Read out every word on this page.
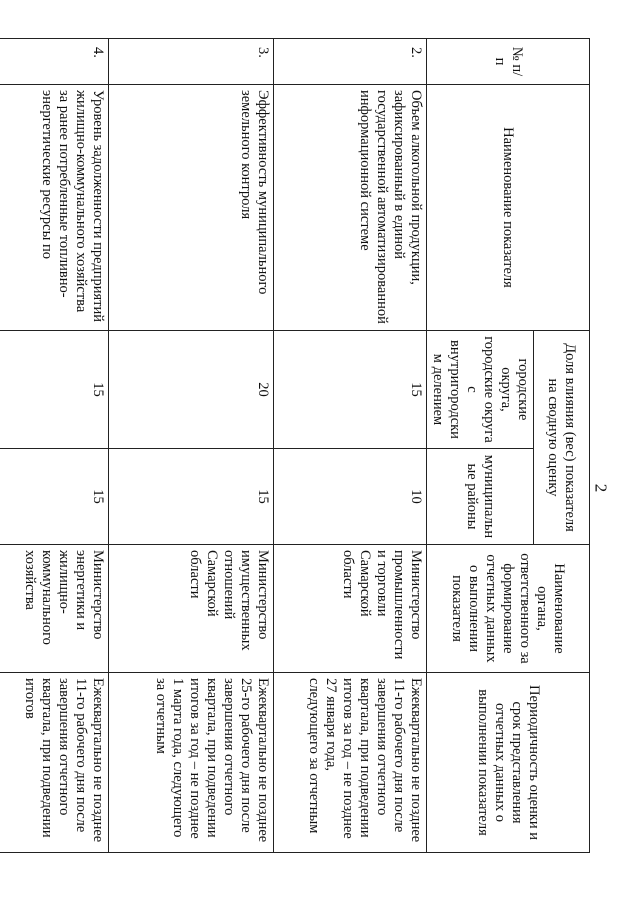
2
№ п/п	Наименование показателя	Доля влияния (вес) показателя на сводную оценку		Наименование органа, ответственного за формирование отчетных данных о выполнении показателя	Периодичность оценки и срок представления отчетных данных о выполнении показателя
		городские округа, городские округа с внутригородским делением	муниципальные районы		
2.	Объем алкогольной продукции, зафиксированный в единой государственной автоматизированной информационной системе	15	10	Министерство промышленности и торговли Самарской области	Ежеквартально не позднее 11-го рабочего дня после завершения отчетного квартала, при подведении итогов за год – не позднее 27 января года, следующего за отчетным
3.	Эффективность муниципального земельного контроля	20	15	Министерство имущественных отношений Самарской области	Ежеквартально не позднее 25-го рабочего дня после завершения отчетного квартала, при подведении итогов за год – не позднее 1 марта года, следующего за отчетным
4.	Уровень задолженности предприятий жилищно-коммунального хозяйства за ранее потребленные топливно-энергетические ресурсы по	15	15	Министерство энергетики и жилищно-коммунального хозяйства	Ежеквартально не позднее 11-го рабочего дня после завершения отчетного квартала, при подведении итогов
